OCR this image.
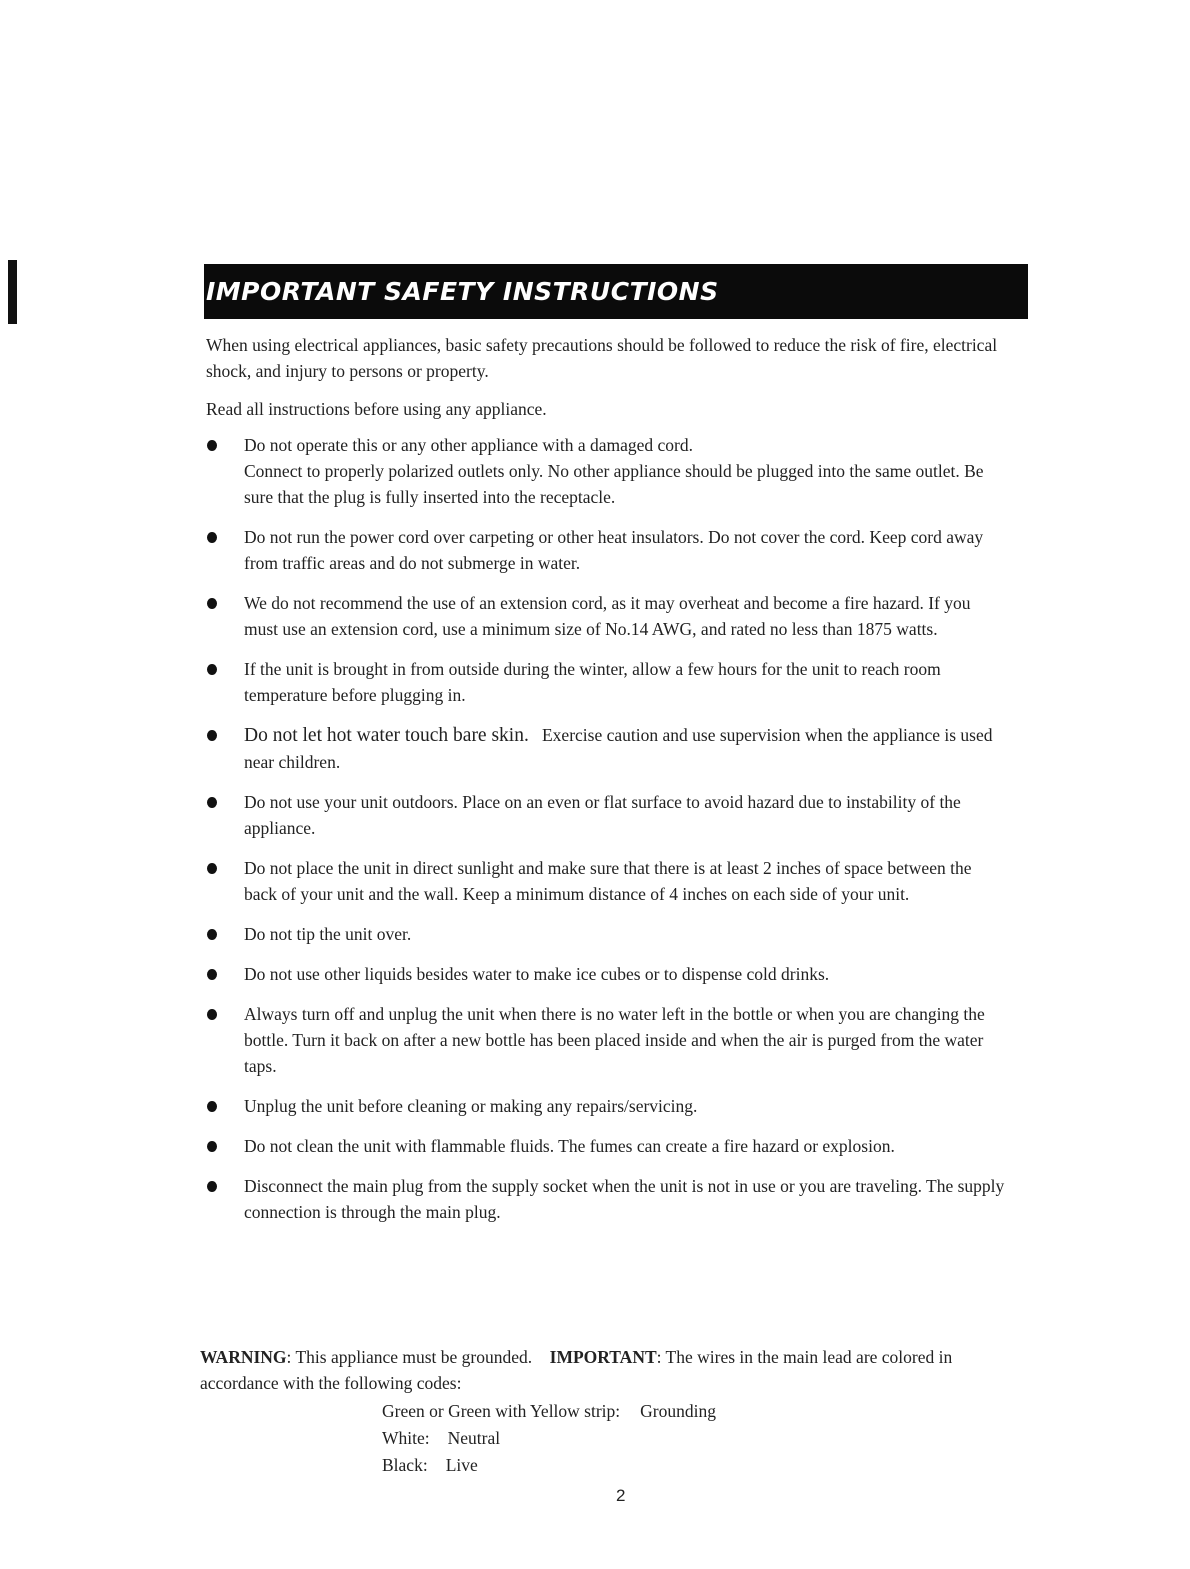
IMPORTANT SAFETY INSTRUCTIONS

When using electrical appliances, basic safety precautions should be followed to reduce the risk of fire, electrical shock, and injury to persons or property.

Read all instructions before using any appliance.

Do not operate this or any other appliance with a damaged cord.
Connect to properly polarized outlets only. No other appliance should be plugged into the same outlet. Be sure that the plug is fully inserted into the receptacle.
Do not run the power cord over carpeting or other heat insulators. Do not cover the cord. Keep cord away from traffic areas and do not submerge in water.
We do not recommend the use of an extension cord, as it may overheat and become a fire hazard. If you must use an extension cord, use a minimum size of No.14 AWG, and rated no less than 1875 watts.
If the unit is brought in from outside during the winter, allow a few hours for the unit to reach room temperature before plugging in.
Do not let hot water touch bare skin. Exercise caution and use supervision when the appliance is used near children.
Do not use your unit outdoors. Place on an even or flat surface to avoid hazard due to instability of the appliance.
Do not place the unit in direct sunlight and make sure that there is at least 2 inches of space between the back of your unit and the wall. Keep a minimum distance of 4 inches on each side of your unit.
Do not tip the unit over.
Do not use other liquids besides water to make ice cubes or to dispense cold drinks.
Always turn off and unplug the unit when there is no water left in the bottle or when you are changing the bottle. Turn it back on after a new bottle has been placed inside and when the air is purged from the water taps.
Unplug the unit before cleaning or making any repairs/servicing.
Do not clean the unit with flammable fluids. The fumes can create a fire hazard or explosion.
Disconnect the main plug from the supply socket when the unit is not in use or you are traveling. The supply connection is through the main plug.
WARNING: This appliance must be grounded. IMPORTANT: The wires in the main lead are colored in accordance with the following codes:
Green or Green with Yellow strip: Grounding
White: Neutral
Black: Live
2
